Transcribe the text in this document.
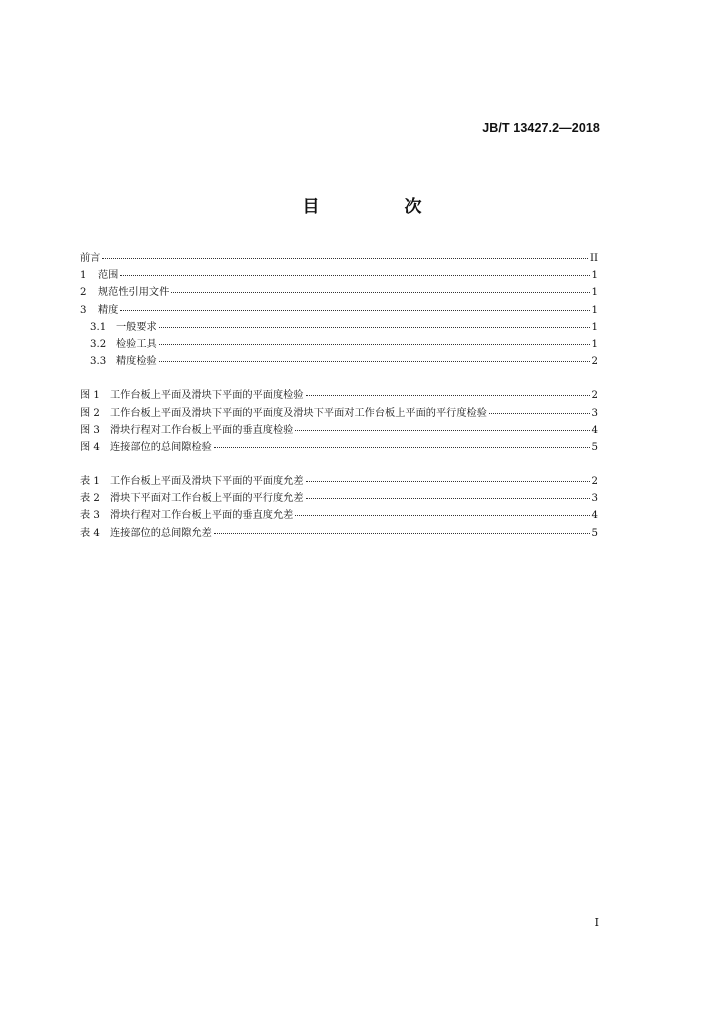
JB/T 13427.2—2018
目　次
前言	II
1	范围	1
2	规范性引用文件	1
3	精度	1
3.1 一般要求	1
3.2 检验工具	1
3.3 精度检验	2
图 1 工作台板上平面及滑块下平面的平面度检验	2
图 2 工作台板上平面及滑块下平面的平面度及滑块下平面对工作台板上平面的平行度检验	3
图 3 滑块行程对工作台板上平面的垂直度检验	4
图 4 连接部位的总间隙检验	5
表 1 工作台板上平面及滑块下平面的平面度允差	2
表 2 滑块下平面对工作台板上平面的平行度允差	3
表 3 滑块行程对工作台板上平面的垂直度允差	4
表 4 连接部位的总间隙允差	5
I
